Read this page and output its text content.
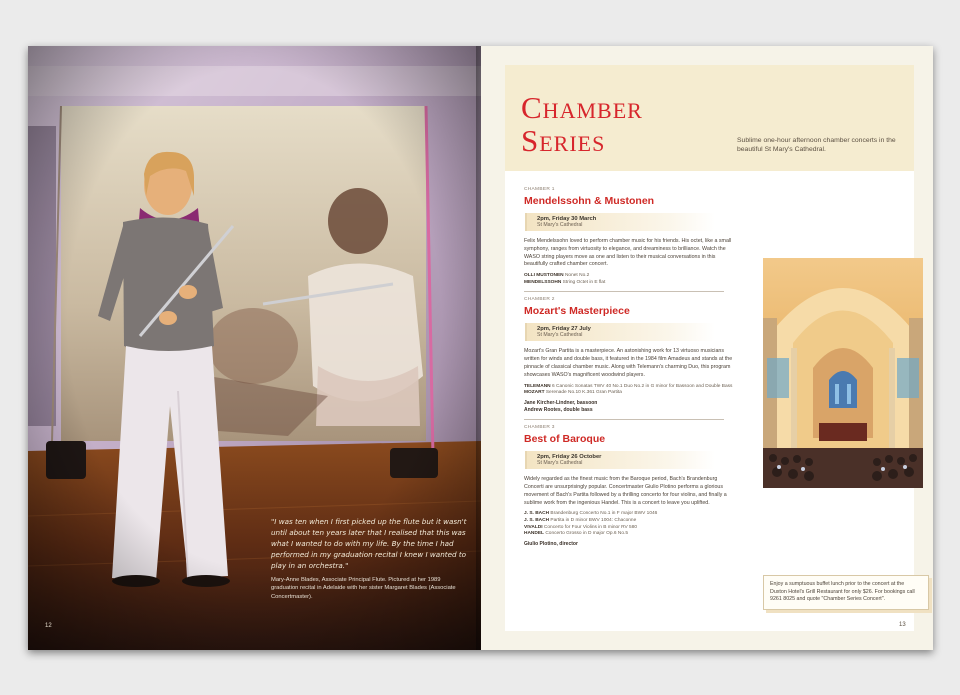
"I was ten when I first picked up the flute but it wasn't until about ten years later that I realised that this was what I wanted to do with my life. By the time I had performed in my graduation recital I knew I wanted to play in an orchestra."
Mary-Anne Blades, Associate Principal Flute. Pictured at her 1989 graduation recital in Adelaide with her sister Margaret Blades (Associate Concertmaster).
12
Chamber
Series	Sublime one-hour afternoon chamber concerts in the beautiful St Mary's Cathedral.
CHAMBER 1
Mendelssohn & Mustonen
2pm, Friday 30 March
St Mary's Cathedral
Felix Mendelssohn loved to perform chamber music for his friends. His octet, like a small symphony, ranges from virtuosity to elegance, and dreaminess to brilliance. Watch the WASO string players move as one and listen to their musical conversations in this beautifully crafted chamber concert.
OLLI MUSTONEN Nonet No.2
MENDELSSOHN String Octet in E flat
CHAMBER 2
Mozart's Masterpiece
2pm, Friday 27 July
St Mary's Cathedral
Mozart's Gran Partita is a masterpiece. An astonishing work for 13 virtuoso musicians written for winds and double bass, it featured in the 1984 film Amadeus and stands at the pinnacle of classical chamber music. Along with Telemann's charming Duo, this program showcases WASO's magnificent woodwind players.
TELEMANN 6 Canonic Sonatas TWV 40 No.1 Duo No.2 in G minor for Bassoon and Double Bass
MOZART Serenade No.10 K.361 Gran Partita
Jane Kircher-Lindner, bassoon
Andrew Rootes, double bass
CHAMBER 3
Best of Baroque
2pm, Friday 26 October
St Mary's Cathedral
Widely regarded as the finest music from the Baroque period, Bach's Brandenburg Concerti are unsurprisingly popular. Concertmaster Giulio Plotino performs a glorious movement of Bach's Partita followed by a thrilling concerto for four violins, and finally a sublime work from the ingenious Handel. This is a concert to leave you uplifted.
J. S. BACH Brandenburg Concerto No.1 in F major BWV 1046
J. S. BACH Partita in D minor BWV 1004: Chaconne
VIVALDI Concerto for Four Violins in B minor RV 580
HANDEL Concerto Grosso in D major Op.6 No.5
Giulio Plotino, director
Enjoy a sumptuous buffet lunch prior to the concert at the Duxton Hotel's Grill Restaurant for only $26. For bookings call 9261 8025 and quote "Chamber Series Concert".
13
